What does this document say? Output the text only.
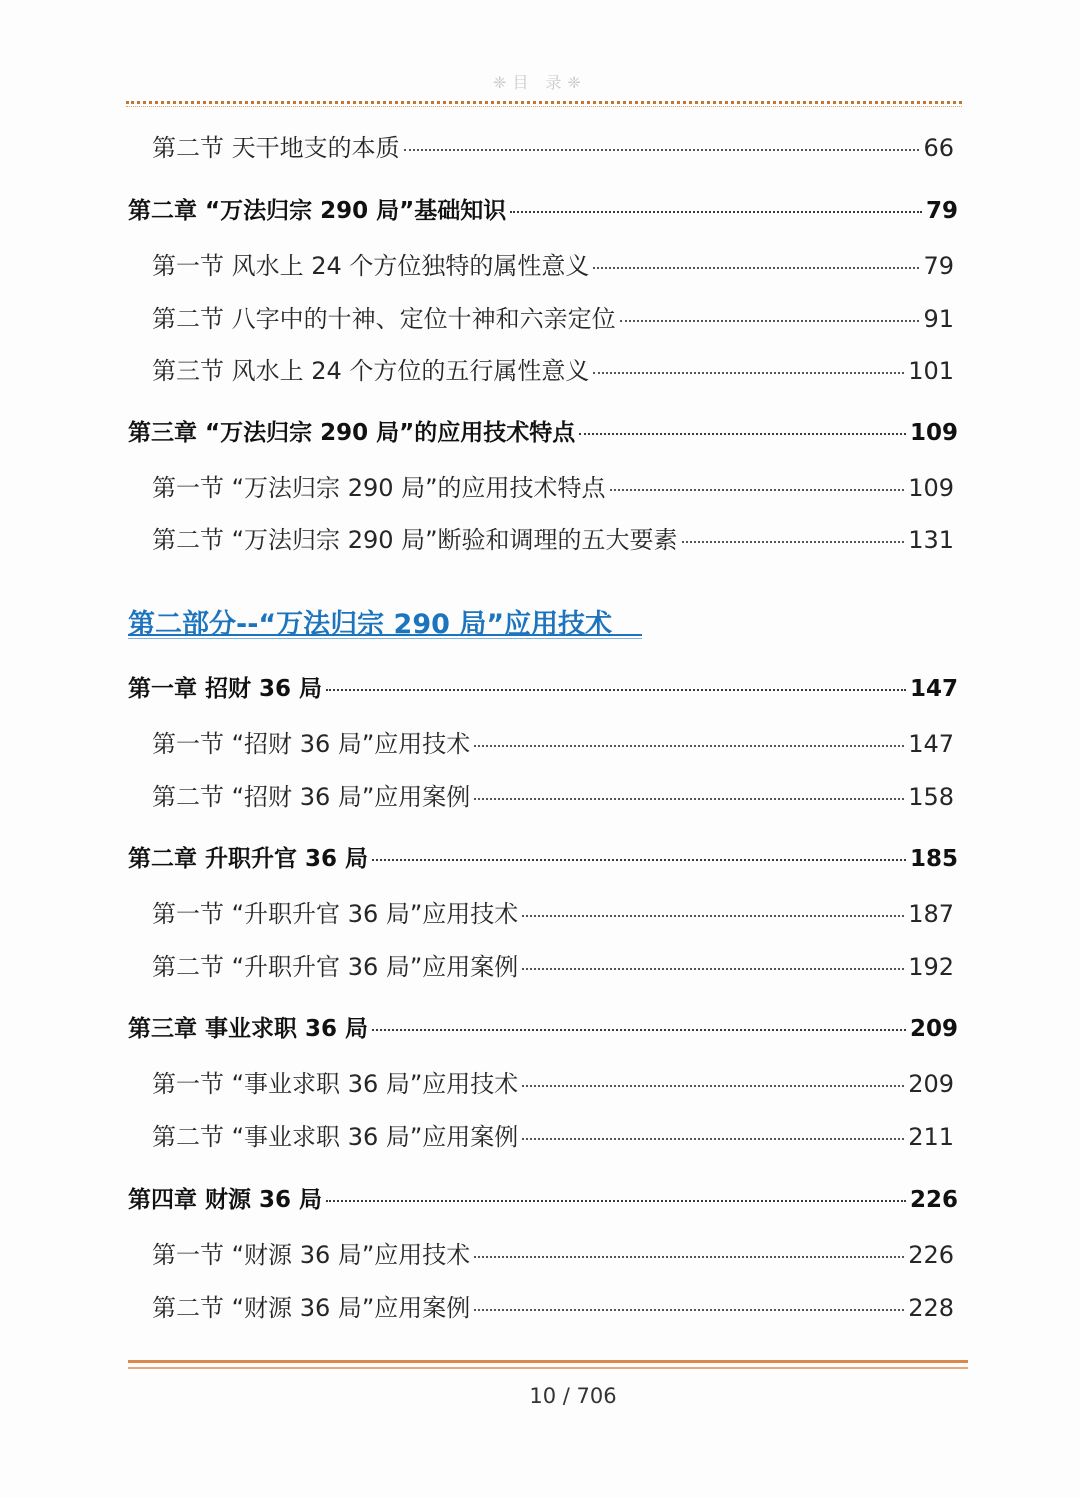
❈目 录❈
第二节 天干地支的本质	66
第二章 “万法归宗 290 局”基础知识	79
第一节 风水上 24 个方位独特的属性意义	79
第二节 八字中的十神、定位十神和六亲定位	91
第三节 风水上 24 个方位的五行属性意义	101
第三章 “万法归宗 290 局”的应用技术特点	109
第一节 “万法归宗 290 局”的应用技术特点	109
第二节 “万法归宗 290 局”断验和调理的五大要素	131
第二部分--“万法归宗 290 局”应用技术
第一章 招财 36 局	147
第一节 “招财 36 局”应用技术	147
第二节 “招财 36 局”应用案例	158
第二章 升职升官 36 局	185
第一节 “升职升官 36 局”应用技术	187
第二节 “升职升官 36 局”应用案例	192
第三章 事业求职 36 局	209
第一节 “事业求职 36 局”应用技术	209
第二节 “事业求职 36 局”应用案例	211
第四章 财源 36 局	226
第一节 “财源 36 局”应用技术	226
第二节 “财源 36 局”应用案例	228
10 / 706
